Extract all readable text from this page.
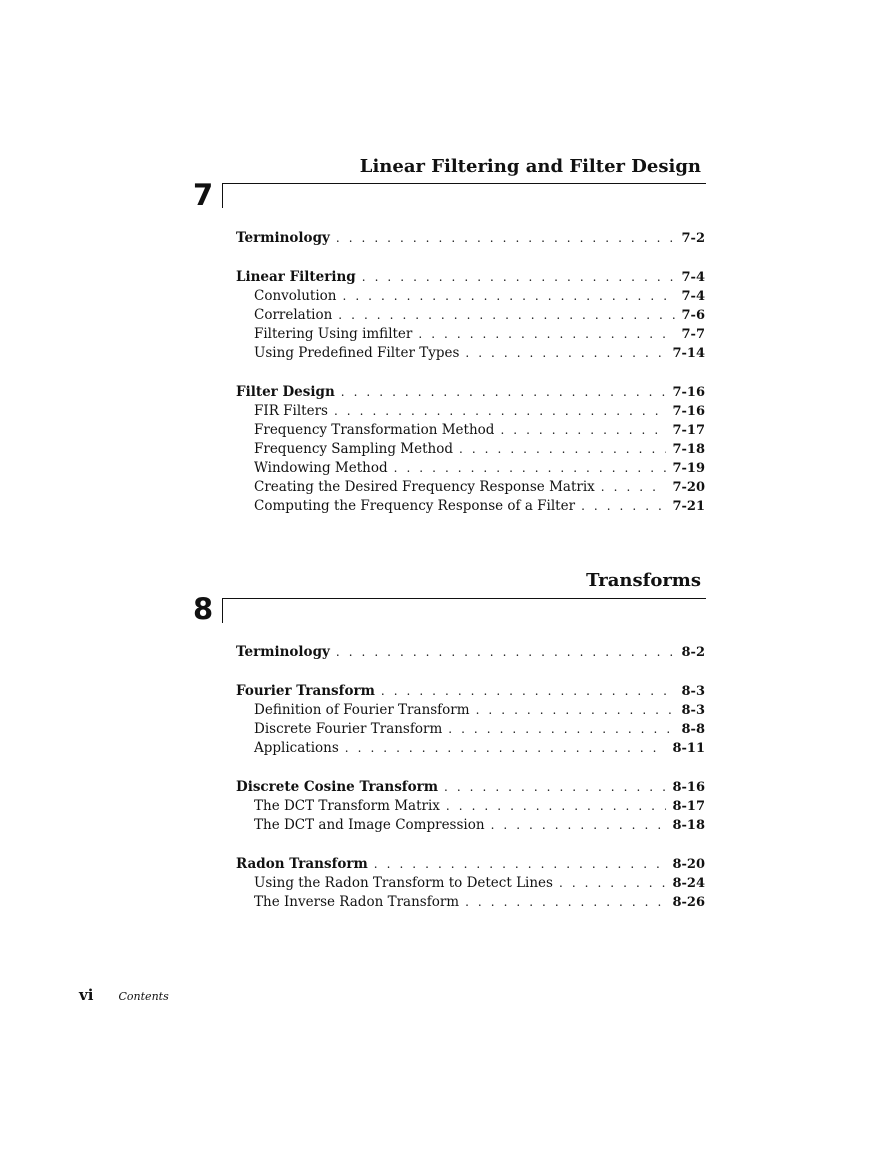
Linear Filtering and Filter Design
7
Terminology . . .	7-2
Linear Filtering . . .	7-4
Convolution . . .	7-4
Correlation . . .	7-6
Filtering Using imfilter . . .	7-7
Using Predefined Filter Types . . .	7-14
Filter Design . . .	7-16
FIR Filters . . .	7-16
Frequency Transformation Method . . .	7-17
Frequency Sampling Method . . .	7-18
Windowing Method . . .	7-19
Creating the Desired Frequency Response Matrix . . .	7-20
Computing the Frequency Response of a Filter . . .	7-21
Transforms
8
Terminology . . .	8-2
Fourier Transform . . .	8-3
Definition of Fourier Transform . . .	8-3
Discrete Fourier Transform . . .	8-8
Applications . . .	8-11
Discrete Cosine Transform . . .	8-16
The DCT Transform Matrix . . .	8-17
The DCT and Image Compression . . .	8-18
Radon Transform . . .	8-20
Using the Radon Transform to Detect Lines . . .	8-24
The Inverse Radon Transform . . .	8-26
vi Contents
